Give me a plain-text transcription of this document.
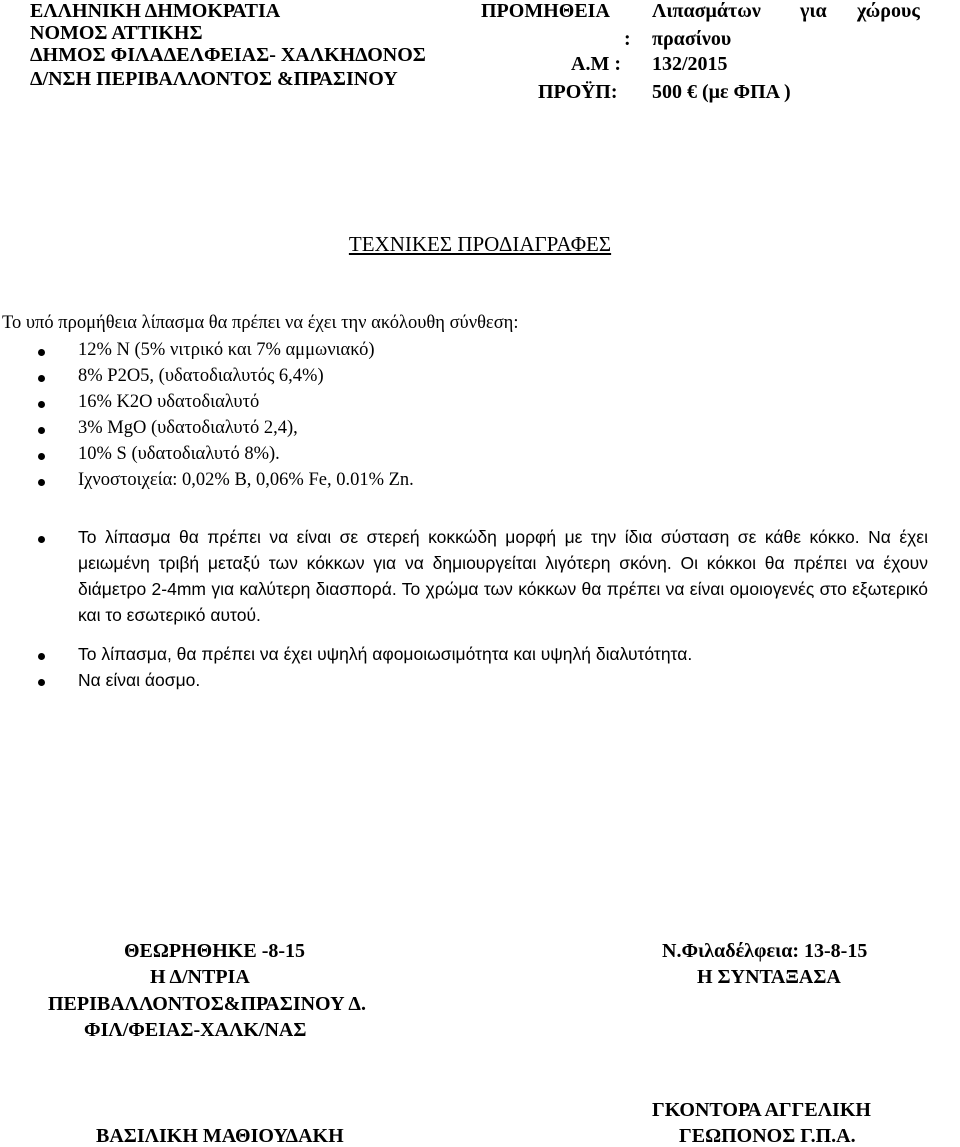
ΕΛΛΗΝΙΚΗ ΔΗΜΟΚΡΑΤΙΑ
ΝΟΜΟΣ ΑΤΤΙΚΗΣ
ΔΗΜΟΣ ΦΙΛΑΔΕΛΦΕΙΑΣ- ΧΑΛΚΗΔΟΝΟΣ
Δ/ΝΣΗ ΠΕΡΙΒΑΛΛΟΝΤΟΣ &ΠΡΑΣΙΝΟΥ
ΠΡΟΜΗΘΕΙΑ Λιπασμάτων για χώρους
: πρασίνου
Α.Μ : 132/2015
ΠΡΟΫΠ: 500 € (με ΦΠΑ )
ΤΕΧΝΙΚΕΣ ΠΡΟΔΙΑΓΡΑΦΕΣ
Το υπό προμήθεια λίπασμα θα πρέπει να έχει την ακόλουθη σύνθεση:
12% Ν (5% νιτρικό και 7% αμμωνιακό)
8% Ρ2Ο5, (υδατοδιαλυτός 6,4%)
16% Κ2Ο υδατοδιαλυτό
3% MgO (υδατοδιαλυτό 2,4),
10% S (υδατοδιαλυτό 8%).
Ιχνοστοιχεία: 0,02% B, 0,06% Fe, 0.01% Zn.
Το λίπασμα θα πρέπει να είναι σε στερεή κοκκώδη μορφή με την ίδια σύσταση σε κάθε κόκκο. Να έχει μειωμένη τριβή μεταξύ των κόκκων για να δημιουργείται λιγότερη σκόνη. Οι κόκκοι θα πρέπει να έχουν διάμετρο 2-4mm για καλύτερη διασπορά. Το χρώμα των κόκκων θα πρέπει να είναι ομοιογενές στο εξωτερικό και το εσωτερικό αυτού.
Το λίπασμα, θα πρέπει να έχει υψηλή αφομοιωσιμότητα και υψηλή διαλυτότητα.
Να είναι άοσμο.
ΘΕΩΡΗΘΗΚΕ -8-15
Η Δ/ΝΤΡΙΑ
ΠΕΡΙΒΑΛΛΟΝΤΟΣ&ΠΡΑΣΙΝΟΥ Δ.
ΦΙΛ/ΦΕΙΑΣ-ΧΑΛΚ/ΝΑΣ
ΒΑΣΙΛΙΚΗ ΜΑΘΙΟΥΔΑΚΗ
Ν.Φιλαδέλφεια: 13-8-15
Η ΣΥΝΤΑΞΑΣΑ
ΓΚΟΝΤΟΡΑ ΑΓΓΕΛΙΚΗ
ΓΕΩΠΟΝΟΣ Γ.Π.Α.
